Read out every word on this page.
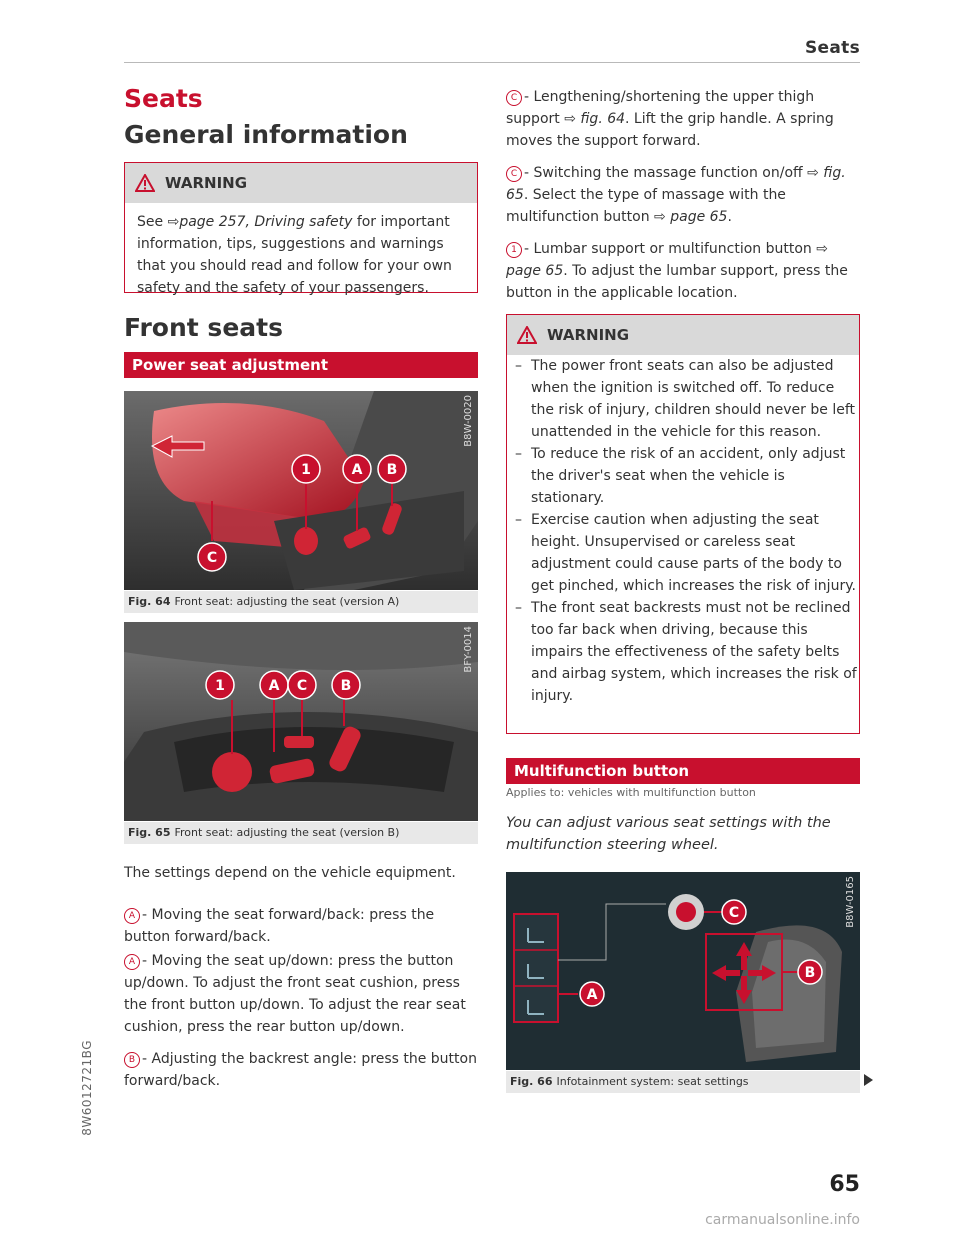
Seats
Seats
General information
WARNING
See ⇨page 257, Driving safety for important information, tips, suggestions and warnings that you should read and follow for your own safety and the safety of your passengers.
Front seats
Power seat adjustment
1	A B
C
B8W-0020
Fig. 64 Front seat: adjusting the seat (version A)
1	A C B
BFY-0014
Fig. 65 Front seat: adjusting the seat (version B)
The settings depend on the vehicle equipment.
A - Moving the seat forward/back: press the button forward/back.
A - Moving the seat up/down: press the button up/down. To adjust the front seat cushion, press the front button up/down. To adjust the rear seat cushion, press the rear button up/down.
B - Adjusting the backrest angle: press the button forward/back.
C - Lengthening/shortening the upper thigh support ⇨ fig. 64. Lift the grip handle. A spring moves the support forward.
C - Switching the massage function on/off ⇨ fig. 65. Select the type of massage with the multifunction button ⇨ page 65.
1 - Lumbar support or multifunction button ⇨ page 65. To adjust the lumbar support, press the button in the applicable location.
WARNING
– The power front seats can also be adjusted when the ignition is switched off. To reduce the risk of injury, children should never be left unattended in the vehicle for this reason.
– To reduce the risk of an accident, only adjust the driver's seat when the vehicle is stationary.
– Exercise caution when adjusting the seat height. Unsupervised or careless seat adjustment could cause parts of the body to get pinched, which increases the risk of injury.
– The front seat backrests must not be reclined too far back when driving, because this impairs the effectiveness of the safety belts and airbag system, which increases the risk of injury.
Multifunction button
Applies to: vehicles with multifunction button
You can adjust various seat settings with the multifunction steering wheel.
A
C
B
B8W-0165
Fig. 66 Infotainment system: seat settings
8W6012721BG
65
carmanualsonline.info
